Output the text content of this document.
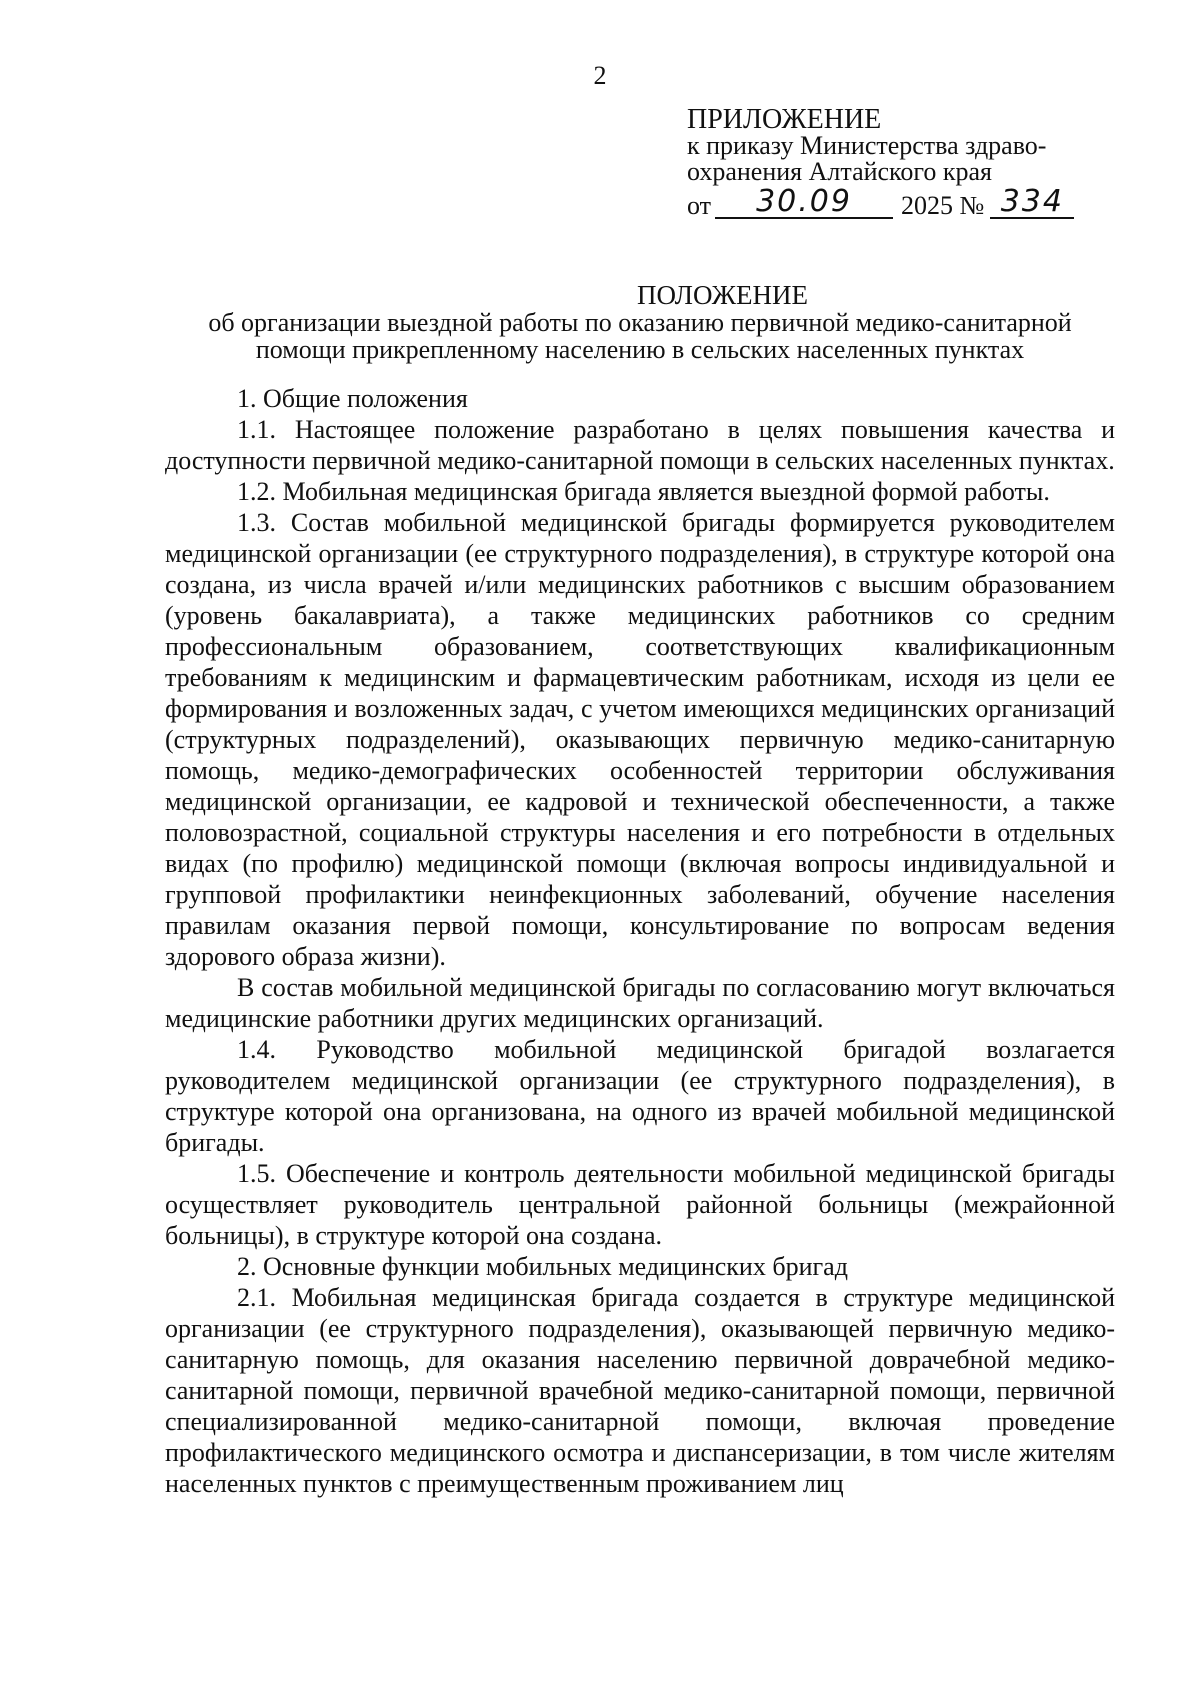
2
ПРИЛОЖЕНИЕ
к приказу Министерства здраво-
охранения Алтайского края
от	30.09	2025 № 334
ПОЛОЖЕНИЕ
об организации выездной работы по оказанию первичной медико-санитарной
помощи прикрепленному населению в сельских населенных пунктах

1. Общие положения

1.1. Настоящее положение разработано в целях повышения качества и доступности первичной медико-санитарной помощи в сельских населенных пунктах.

1.2. Мобильная медицинская бригада является выездной формой работы.

1.3. Состав мобильной медицинской бригады формируется руководителем медицинской организации (ее структурного подразделения), в структуре которой она создана, из числа врачей и/или медицинских работников с высшим образованием (уровень бакалавриата), а также медицинских работников со средним профессиональным образованием, соответствующих квалификационным требованиям к медицинским и фармацевтическим работникам, исходя из цели ее формирования и возложенных задач, с учетом имеющихся медицинских организаций (структурных подразделений), оказывающих первичную медико-санитарную помощь, медико-демографических особенностей территории обслуживания медицинской организации, ее кадровой и технической обеспеченности, а также половозрастной, социальной структуры населения и его потребности в отдельных видах (по профилю) медицинской помощи (включая вопросы индивидуальной и групповой профилактики неинфекционных заболеваний, обучение населения правилам оказания первой помощи, консультирование по вопросам ведения здорового образа жизни).

В состав мобильной медицинской бригады по согласованию могут включаться медицинские работники других медицинских организаций.

1.4. Руководство мобильной медицинской бригадой возлагается руководителем медицинской организации (ее структурного подразделения), в структуре которой она организована, на одного из врачей мобильной медицинской бригады.

1.5. Обеспечение и контроль деятельности мобильной медицинской бригады осуществляет руководитель центральной районной больницы (межрайонной больницы), в структуре которой она создана.

2. Основные функции мобильных медицинских бригад

2.1. Мобильная медицинская бригада создается в структуре медицинской организации (ее структурного подразделения), оказывающей первичную медико-санитарную помощь, для оказания населению первичной доврачебной медико-санитарной помощи, первичной врачебной медико-санитарной помощи, первичной специализированной медико-санитарной помощи, включая проведение профилактического медицинского осмотра и диспансеризации, в том числе жителям населенных пунктов с преимущественным проживанием лиц
